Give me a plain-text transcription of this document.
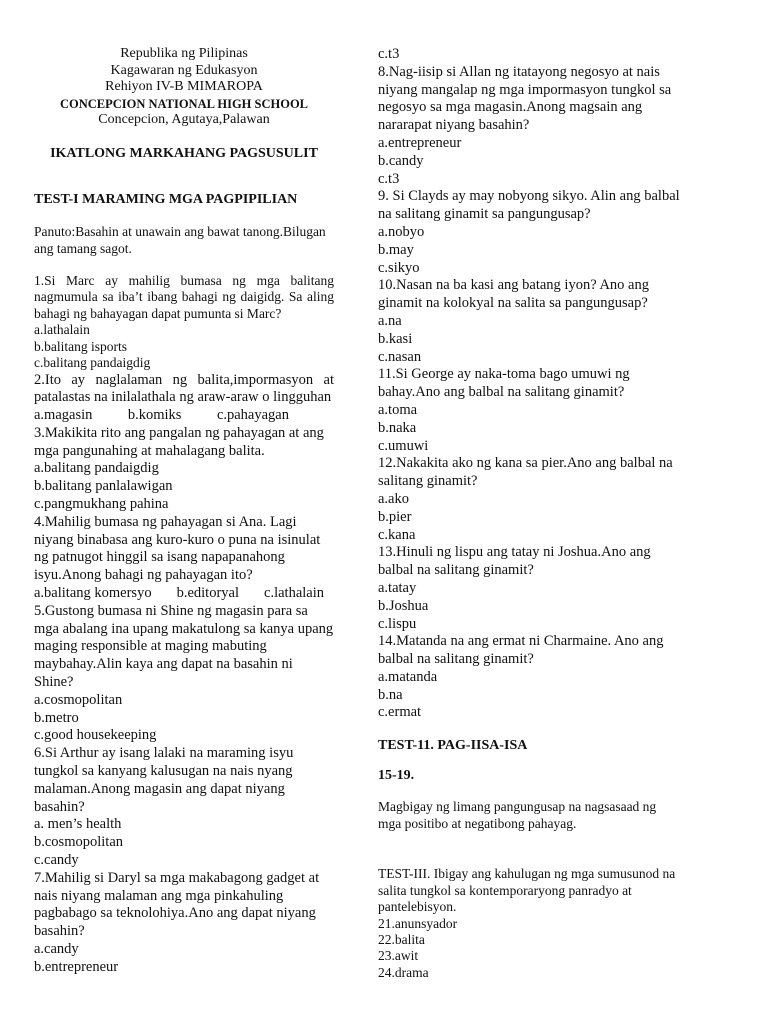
Republika ng Pilipinas
Kagawaran ng Edukasyon
Rehiyon IV-B MIMAROPA
CONCEPCION NATIONAL HIGH SCHOOL
Concepcion, Agutaya,Palawan
IKATLONG MARKAHANG PAGSUSULIT
TEST-I MARAMING MGA PAGPIPILIAN
Panuto:Basahin at unawain ang bawat tanong.Bilugan ang tamang sagot.
1.Si Marc ay mahilig bumasa ng mga balitang nagmumula sa iba’t ibang bahagi ng daigidg. Sa aling bahagi ng bahayagan dapat pumunta si Marc?
a.lathalain
b.balitang isports
c.balitang pandaigdig
2.Ito ay naglalaman ng balita,impormasyon at patalastas na inilalathala ng araw-araw o lingguhan
a.magasin b.komiks c.pahayagan
3.Makikita rito ang pangalan ng pahayagan at ang mga pangunahing at mahalagang balita.
a.balitang pandaigdig
b.balitang panlalawigan
c.pangmukhang pahina
4.Mahilig bumasa ng pahayagan si Ana. Lagi niyang binabasa ang kuro-kuro o puna na isinulat ng patnugot hinggil sa isang napapanahong isyu.Anong bahagi ng pahayagan ito?
a.balitang komersyo b.editoryal c.lathalain
5.Gustong bumasa ni Shine ng magasin para sa mga abalang ina upang makatulong sa kanya upang maging responsible at maging mabuting maybahay.Alin kaya ang dapat na basahin ni Shine?
a.cosmopolitan
b.metro
c.good housekeeping
6.Si Arthur ay isang lalaki na maraming isyu tungkol sa kanyang kalusugan na nais nyang malaman.Anong magasin ang dapat niyang basahin?
a. men’s health
b.cosmopolitan
c.candy
7.Mahilig si Daryl sa mga makabagong gadget at nais niyang malaman ang mga pinkahuling pagbabago sa teknolohiya.Ano ang dapat niyang basahin?
a.candy
b.entrepreneur
c.t3
8.Nag-iisip si Allan ng itatayong negosyo at nais niyang mangalap ng mga impormasyon tungkol sa negosyo sa mga magasin.Anong magsain ang nararapat niyang basahin?
a.entrepreneur
b.candy
c.t3
9. Si Clayds ay may nobyong sikyo. Alin ang balbal na salitang ginamit sa pangungusap?
a.nobyo
b.may
c.sikyo
10.Nasan na ba kasi ang batang iyon? Ano ang ginamit na kolokyal na salita sa pangungusap?
a.na
b.kasi
c.nasan
11.Si George ay naka-toma bago umuwi ng bahay.Ano ang balbal na salitang ginamit?
a.toma
b.naka
c.umuwi
12.Nakakita ako ng kana sa pier.Ano ang balbal na salitang ginamit?
a.ako
b.pier
c.kana
13.Hinuli ng lispu ang tatay ni Joshua.Ano ang balbal na salitang ginamit?
a.tatay
b.Joshua
c.lispu
14.Matanda na ang ermat ni Charmaine. Ano ang balbal na salitang ginamit?
a.matanda
b.na
c.ermat
TEST-11. PAG-IISA-ISA
15-19.
Magbigay ng limang pangungusap na nagsasaad ng mga positibo at negatibong pahayag.
TEST-III. Ibigay ang kahulugan ng mga sumusunod na salita tungkol sa kontemporaryong panradyo at pantelebisyon.
21.anunsyador
22.balita
23.awit
24.drama
